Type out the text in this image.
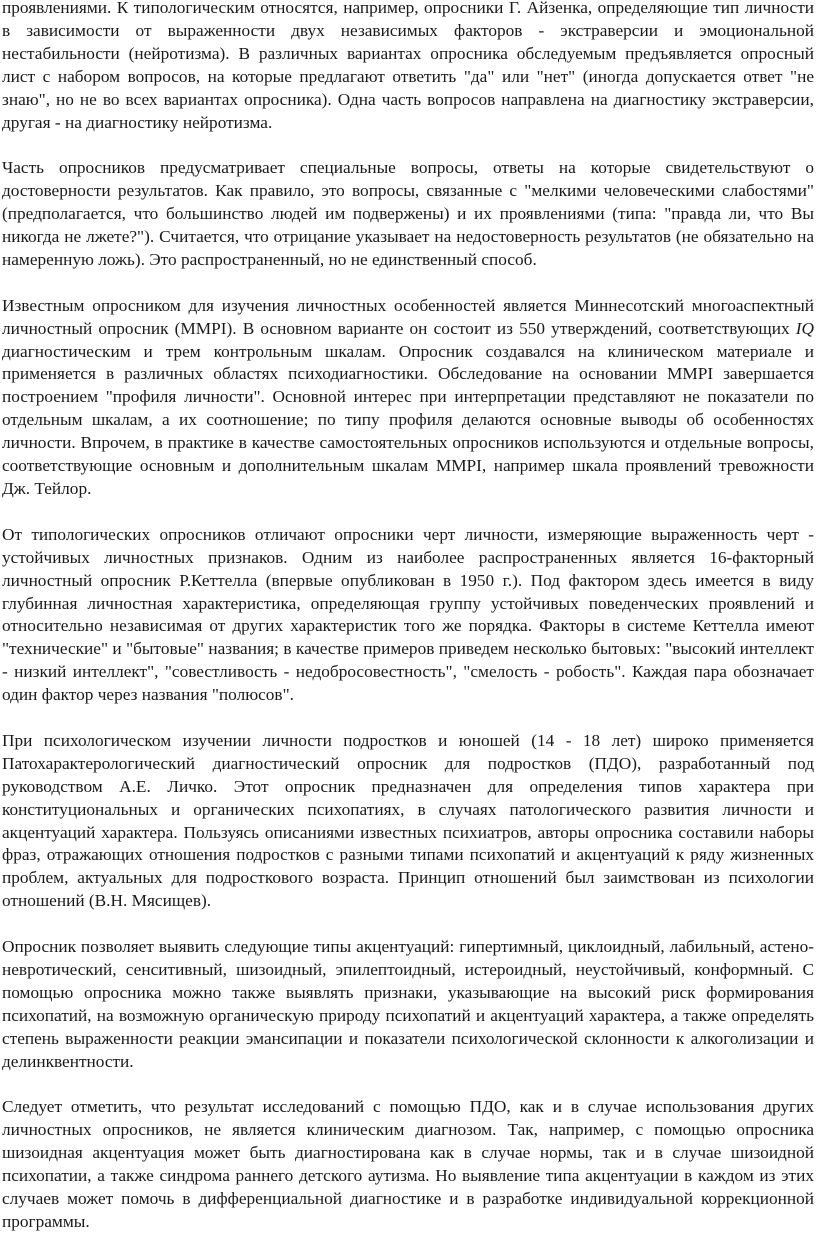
проявлениями. К типологическим относятся, например, опросники Г. Айзенка, определяющие тип личности в зависимости от выраженности двух независимых факторов - экстраверсии и эмоциональной нестабильности (нейротизма). В различных вариантах опросника обследуемым предъявляется опросный лист с набором вопросов, на которые предлагают ответить "да" или "нет" (иногда допускается ответ "не знаю", но не во всех вариантах опросника). Одна часть вопросов направлена на диагностику экстраверсии, другая - на диагностику нейротизма.

Часть опросников предусматривает специальные вопросы, ответы на которые свидетельствуют о достоверности результатов. Как правило, это вопросы, связанные с "мелкими человеческими слабостями" (предполагается, что большинство людей им подвержены) и их проявлениями (типа: "правда ли, что Вы никогда не лжете?"). Считается, что отрицание указывает на недостоверность результатов (не обязательно на намеренную ложь). Это распространенный, но не единственный способ.

Известным опросником для изучения личностных особенностей является Миннесотский многоаспектный личностный опросник (MMPI). В основном варианте он состоит из 550 утверждений, соответствующих IQ диагностическим и трем контрольным шкалам. Опросник создавался на клиническом материале и применяется в различных областях психодиагностики. Обследование на основании MMPI завершается построением "профиля личности". Основной интерес при интерпретации представляют не показатели по отдельным шкалам, а их соотношение; по типу профиля делаются основные выводы об особенностях личности. Впрочем, в практике в качестве самостоятельных опросников используются и отдельные вопросы, соответствующие основным и дополнительным шкалам MMPI, например шкала проявлений тревожности Дж. Тейлор.

От типологических опросников отличают опросники черт личности, измеряющие выраженность черт - устойчивых личностных признаков. Одним из наиболее распространенных является 16-факторный личностный опросник Р.Кеттелла (впервые опубликован в 1950 г.). Под фактором здесь имеется в виду глубинная личностная характеристика, определяющая группу устойчивых поведенческих проявлений и относительно независимая от других характеристик того же порядка. Факторы в системе Кеттелла имеют "технические" и "бытовые" названия; в качестве примеров приведем несколько бытовых: "высокий интеллект - низкий интеллект", "совестливость - недобросовестность", "смелость - робость". Каждая пара обозначает один фактор через названия "полюсов".

При психологическом изучении личности подростков и юношей (14 - 18 лет) широко применяется Патохарактерологический диагностический опросник для подростков (ПДО), разработанный под руководством А.Е. Личко. Этот опросник предназначен для определения типов характера при конституциональных и органических психопатиях, в случаях патологического развития личности и акцентуаций характера. Пользуясь описаниями известных психиатров, авторы опросника составили наборы фраз, отражающих отношения подростков с разными типами психопатий и акцентуаций к ряду жизненных проблем, актуальных для подросткового возраста. Принцип отношений был заимствован из психологии отношений (В.Н. Мясищев).

Опросник позволяет выявить следующие типы акцентуаций: гипертимный, циклоидный, лабильный, астено-невротический, сенситивный, шизоидный, эпилептоидный, истероидный, неустойчивый, конформный. С помощью опросника можно также выявлять признаки, указывающие на высокий риск формирования психопатий, на возможную органическую природу психопатий и акцентуаций характера, а также определять степень выраженности реакции эмансипации и показатели психологической склонности к алкоголизации и делинквентности.

Следует отметить, что результат исследований с помощью ПДО, как и в случае использования других личностных опросников, не является клиническим диагнозом. Так, например, с помощью опросника шизоидная акцентуация может быть диагностирована как в случае нормы, так и в случае шизоидной психопатии, а также синдрома раннего детского аутизма. Но выявление типа акцентуации в каждом из этих случаев может помочь в дифференциальной диагностике и в разработке индивидуальной коррекционной программы.
